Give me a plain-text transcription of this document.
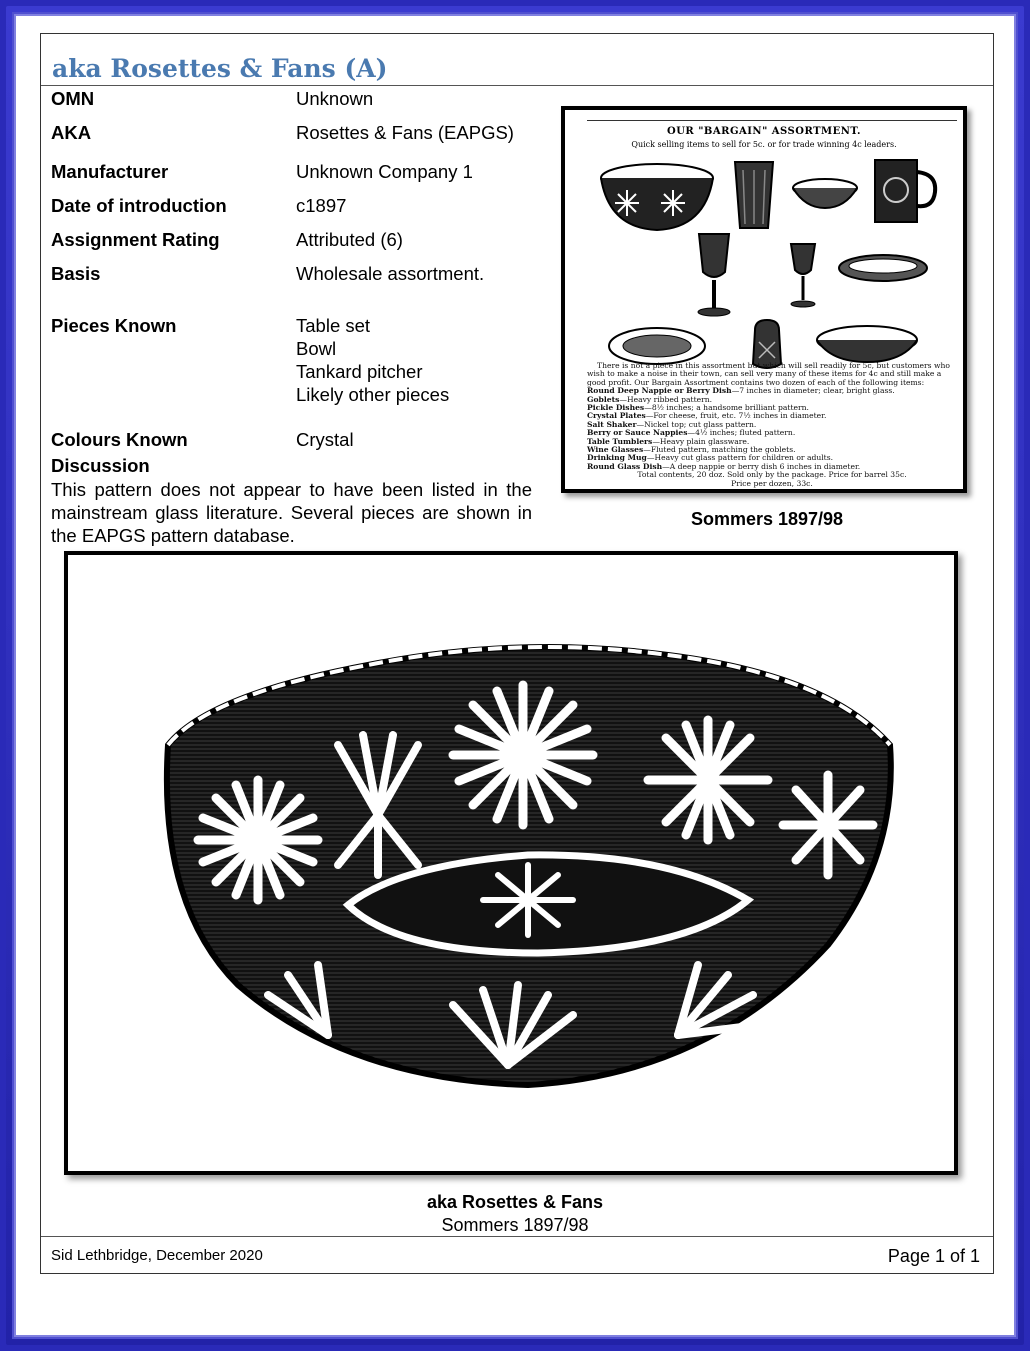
aka Rosettes & Fans (A)
OMN	Unknown
AKA	Rosettes & Fans (EAPGS)
Manufacturer	Unknown Company 1
Date of introduction	c1897
Assignment Rating	Attributed (6)
Basis	Wholesale assortment.
Pieces Known	Table set
Bowl
Tankard pitcher
Likely other pieces
Colours Known	Crystal
Discussion
This pattern does not appear to have been listed in the mainstream glass literature. Several pieces are shown in the EAPGS pattern database.
OUR "BARGAIN" ASSORTMENT.
Quick selling items to sell for 5c. or for trade winning 4c leaders.
There is not a piece in this assortment but which will sell readily for 5c, but customers who wish to make a noise in their town, can sell very many of these items for 4c and still make a good profit. Our Bargain Assortment contains two dozen of each of the following items:
Round Deep Nappie or Berry Dish—7 inches in diameter; clear, bright glass.
Goblets—Heavy ribbed pattern.
Pickle Dishes—8½ inches; a handsome brilliant pattern.
Crystal Plates—For cheese, fruit, etc. 7½ inches in diameter.
Salt Shaker—Nickel top; cut glass pattern.
Berry or Sauce Nappies—4½ inches; fluted pattern.
Table Tumblers—Heavy plain glassware.
Wine Glasses—Fluted pattern, matching the goblets.
Drinking Mug—Heavy cut glass pattern for children or adults.
Round Glass Dish—A deep nappie or berry dish 6 inches in diameter.
Total contents, 20 doz. Sold only by the package. Price for barrel 35c.
Price per dozen, 33c.
Sommers 1897/98
aka Rosettes & Fans
Sommers 1897/98
Sid Lethbridge, December 2020	Page 1 of 1
